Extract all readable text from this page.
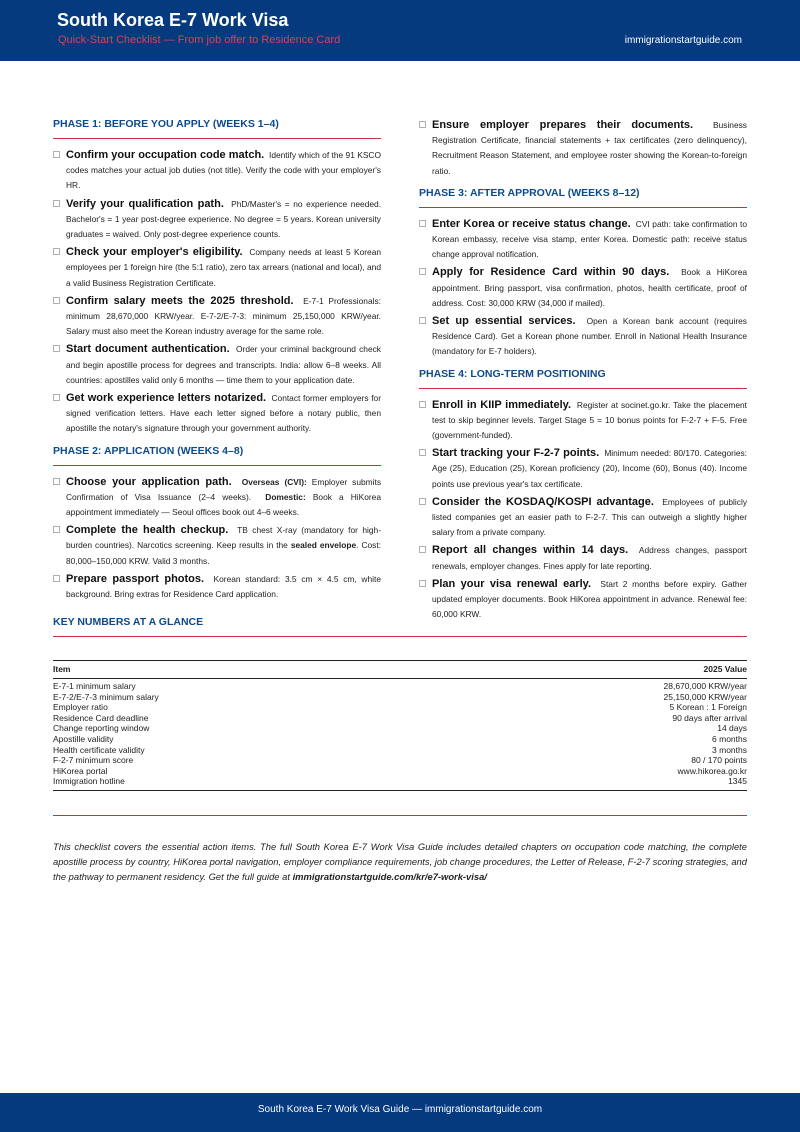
South Korea E-7 Work Visa
Quick-Start Checklist — From job offer to Residence Card	immigrationstartguide.com
PHASE 1: BEFORE YOU APPLY (WEEKS 1–4)
Confirm your occupation code match. Identify which of the 91 KSCO codes matches your actual job duties (not title). Verify the code with your employer's HR.
Verify your qualification path. PhD/Master's = no experience needed. Bachelor's = 1 year post-degree experience. No degree = 5 years. Korean university graduates = waived. Only post-degree experience counts.
Check your employer's eligibility. Company needs at least 5 Korean employees per 1 foreign hire (the 5:1 ratio), zero tax arrears (national and local), and a valid Business Registration Certificate.
Confirm salary meets the 2025 threshold. E-7-1 Professionals: minimum 28,670,000 KRW/year. E-7-2/E-7-3: minimum 25,150,000 KRW/year. Salary must also meet the Korean industry average for the same role.
Start document authentication. Order your criminal background check and begin apostille process for degrees and transcripts. India: allow 6–8 weeks. All countries: apostilles valid only 6 months — time them to your application date.
Get work experience letters notarized. Contact former employers for signed verification letters. Have each letter signed before a notary public, then apostille the notary's signature through your government authority.
PHASE 2: APPLICATION (WEEKS 4–8)
Choose your application path. Overseas (CVI): Employer submits Confirmation of Visa Issuance (2–4 weeks). Domestic: Book a HiKorea appointment immediately — Seoul offices book out 4–6 weeks.
Complete the health checkup. TB chest X-ray (mandatory for high-burden countries). Narcotics screening. Keep results in the sealed envelope. Cost: 80,000–150,000 KRW. Valid 3 months.
Prepare passport photos. Korean standard: 3.5 cm × 4.5 cm, white background. Bring extras for Residence Card application.
Ensure employer prepares their documents. Business Registration Certificate, financial statements + tax certificates (zero delinquency), Recruitment Reason Statement, and employee roster showing the Korean-to-foreign ratio.
PHASE 3: AFTER APPROVAL (WEEKS 8–12)
Enter Korea or receive status change. CVI path: take confirmation to Korean embassy, receive visa stamp, enter Korea. Domestic path: receive status change approval notification.
Apply for Residence Card within 90 days. Book a HiKorea appointment. Bring passport, visa confirmation, photos, health certificate, proof of address. Cost: 30,000 KRW (34,000 if mailed).
Set up essential services. Open a Korean bank account (requires Residence Card). Get a Korean phone number. Enroll in National Health Insurance (mandatory for E-7 holders).
PHASE 4: LONG-TERM POSITIONING
Enroll in KIIP immediately. Register at socinet.go.kr. Take the placement test to skip beginner levels. Target Stage 5 = 10 bonus points for F-2-7 + F-5. Free (government-funded).
Start tracking your F-2-7 points. Minimum needed: 80/170. Categories: Age (25), Education (25), Korean proficiency (20), Income (60), Bonus (40). Income points use previous year's tax certificate.
Consider the KOSDAQ/KOSPI advantage. Employees of publicly listed companies get an easier path to F-2-7. This can outweigh a slightly higher salary from a private company.
Report all changes within 14 days. Address changes, passport renewals, employer changes. Fines apply for late reporting.
Plan your visa renewal early. Start 2 months before expiry. Gather updated employer documents. Book HiKorea appointment in advance. Renewal fee: 60,000 KRW.
KEY NUMBERS AT A GLANCE
Item	2025 Value
E-7-1 minimum salary	28,670,000 KRW/year
E-7-2/E-7-3 minimum salary	25,150,000 KRW/year
Employer ratio	5 Korean : 1 Foreign
Residence Card deadline	90 days after arrival
Change reporting window	14 days
Apostille validity	6 months
Health certificate validity	3 months
F-2-7 minimum score	80 / 170 points
HiKorea portal	www.hikorea.go.kr
Immigration hotline	1345
This checklist covers the essential action items. The full South Korea E-7 Work Visa Guide includes detailed chapters on occupation code matching, the complete apostille process by country, HiKorea portal navigation, employer compliance requirements, job change procedures, the Letter of Release, F-2-7 scoring strategies, and the pathway to permanent residency. Get the full guide at immigrationstartguide.com/kr/e7-work-visa/
South Korea E-7 Work Visa Guide — immigrationstartguide.com
